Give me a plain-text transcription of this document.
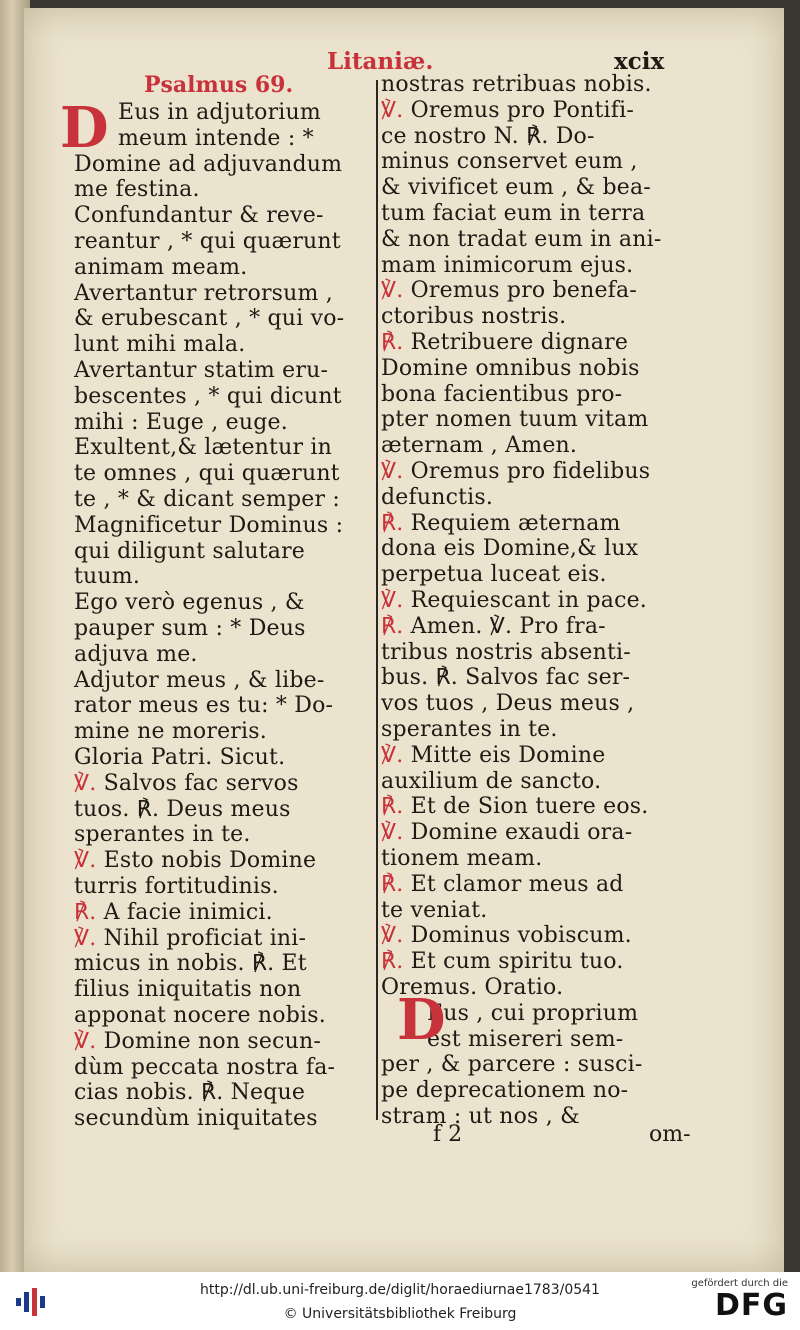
Litaniæ.	xcix
Psalmus 69.
D Eus in adjutorium
meum intende : *
Domine ad adjuvandum
me festina.
Confundantur & reve-
reantur , * qui quærunt
animam meam.
Avertantur retrorsum ,
& erubescant , * qui vo-
lunt mihi mala.
Avertantur statim eru-
bescentes , * qui dicunt
mihi : Euge , euge.
Exultent,& lætentur in
te omnes , qui quærunt
te , * & dicant semper :
Magnificetur Dominus :
qui diligunt salutare
tuum.
Ego verò egenus , &
pauper sum : * Deus
adjuva me.
Adjutor meus , & libe-
rator meus es tu: * Do-
mine ne moreris.
Gloria Patri. Sicut.
℣. Salvos fac servos
tuos. ℟. Deus meus
sperantes in te.
℣. Esto nobis Domine
turris fortitudinis.
℟. A facie inimici.
℣. Nihil proficiat ini-
micus in nobis. ℟. Et
filius iniquitatis non
apponat nocere nobis.
℣. Domine non secun-
dùm peccata nostra fa-
cias nobis. ℟. Neque
secundùm iniquitates
nostras retribuas nobis.
℣. Oremus pro Pontifi-
ce nostro N. ℟. Do-
minus conservet eum ,
& vivificet eum , & bea-
tum faciat eum in terra
& non tradat eum in ani-
mam inimicorum ejus.
℣. Oremus pro benefa-
ctoribus nostris.
℟. Retribuere dignare
Domine omnibus nobis
bona facientibus pro-
pter nomen tuum vitam
æternam , Amen.
℣. Oremus pro fidelibus
defunctis.
℟. Requiem æternam
dona eis Domine,& lux
perpetua luceat eis.
℣. Requiescant in pace.
℟. Amen. ℣. Pro fra-
tribus nostris absenti-
bus. ℟. Salvos fac ser-
vos tuos , Deus meus ,
sperantes in te.
℣. Mitte eis Domine
auxilium de sancto.
℟. Et de Sion tuere eos.
℣. Domine exaudi ora-
tionem meam.
℟. Et clamor meus ad
te veniat.
℣. Dominus vobiscum.
℟. Et cum spiritu tuo.
Oremus. Oratio.
Eus , cui proprium
est misereri sem-
per , & parcere : susci-
pe deprecationem no-
stram : ut nos , &
D
f 2	om-
http://dl.ub.uni-freiburg.de/diglit/horaediurnae1783/0541
© Universitätsbibliothek Freiburg
gefördert durch die
DFG
